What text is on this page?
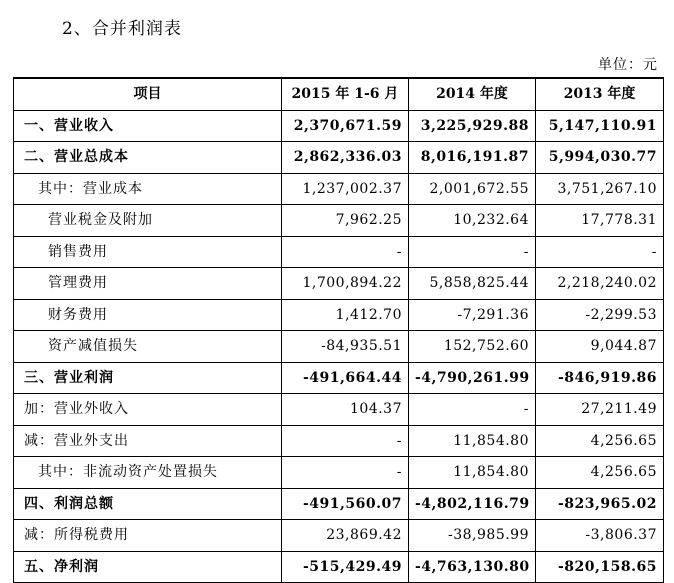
2、合并利润表
单位：元
项目	2015 年 1-6 月	2014 年度	2013 年度
一、营业收入	2,370,671.59	3,225,929.88	5,147,110.91
二、营业总成本	2,862,336.03	8,016,191.87	5,994,030.77
其中：营业成本	1,237,002.37	2,001,672.55	3,751,267.10
营业税金及附加	7,962.25	10,232.64	17,778.31
销售费用	-	-	-
管理费用	1,700,894.22	5,858,825.44	2,218,240.02
财务费用	1,412.70	-7,291.36	-2,299.53
资产减值损失	-84,935.51	152,752.60	9,044.87
三、营业利润	-491,664.44	-4,790,261.99	-846,919.86
加：营业外收入	104.37	-	27,211.49
减：营业外支出	-	11,854.80	4,256.65
其中：非流动资产处置损失	-	11,854.80	4,256.65
四、利润总额	-491,560.07	-4,802,116.79	-823,965.02
减：所得税费用	23,869.42	-38,985.99	-3,806.37
五、净利润	-515,429.49	-4,763,130.80	-820,158.65
